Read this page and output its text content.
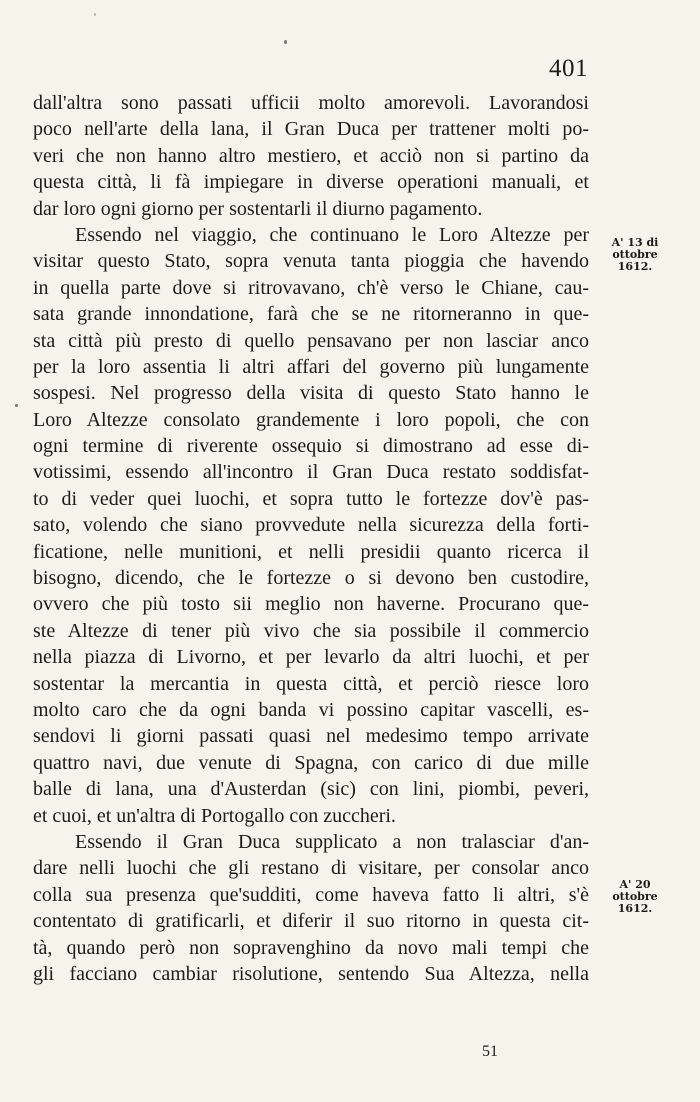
401
dall'altra sono passati ufficii molto amorevoli. Lavorandosi
poco nell'arte della lana, il Gran Duca per trattener molti po-
veri che non hanno altro mestiero, et acciò non si partino da
questa città, li fà impiegare in diverse operationi manuali, et
dar loro ogni giorno per sostentarli il diurno pagamento.
Essendo nel viaggio, che continuano le Loro Altezze per
visitar questo Stato, sopra venuta tanta pioggia che havendo
in quella parte dove si ritrovavano, ch'è verso le Chiane, cau-
sata grande innondatione, farà che se ne ritorneranno in que-
sta città più presto di quello pensavano per non lasciar anco
per la loro assentia li altri affari del governo più lungamente
sospesi. Nel progresso della visita di questo Stato hanno le
Loro Altezze consolato grandemente i loro popoli, che con
ogni termine di riverente ossequio si dimostrano ad esse di-
votissimi, essendo all'incontro il Gran Duca restato soddisfat-
to di veder quei luochi, et sopra tutto le fortezze dov'è pas-
sato, volendo che siano provvedute nella sicurezza della forti-
ficatione, nelle munitioni, et nelli presidii quanto ricerca il
bisogno, dicendo, che le fortezze o si devono ben custodire,
ovvero che più tosto sii meglio non haverne. Procurano que-
ste Altezze di tener più vivo che sia possibile il commercio
nella piazza di Livorno, et per levarlo da altri luochi, et per
sostentar la mercantia in questa città, et perciò riesce loro
molto caro che da ogni banda vi possino capitar vascelli, es-
sendovi li giorni passati quasi nel medesimo tempo arrivate
quattro navi, due venute di Spagna, con carico di due mille
balle di lana, una d'Austerdan (sic) con lini, piombi, peveri,
et cuoi, et un'altra di Portogallo con zuccheri.
Essendo il Gran Duca supplicato a non tralasciar d'an-
dare nelli luochi che gli restano di visitare, per consolar anco
colla sua presenza que'sudditi, come haveva fatto li altri, s'è
contentato di gratificarli, et diferir il suo ritorno in questa cit-
tà, quando però non sopravenghino da novo mali tempi che
gli facciano cambiar risolutione, sentendo Sua Altezza, nella
A' 13 di
ottobre
1612.
A' 20
ottobre
1612.
51
